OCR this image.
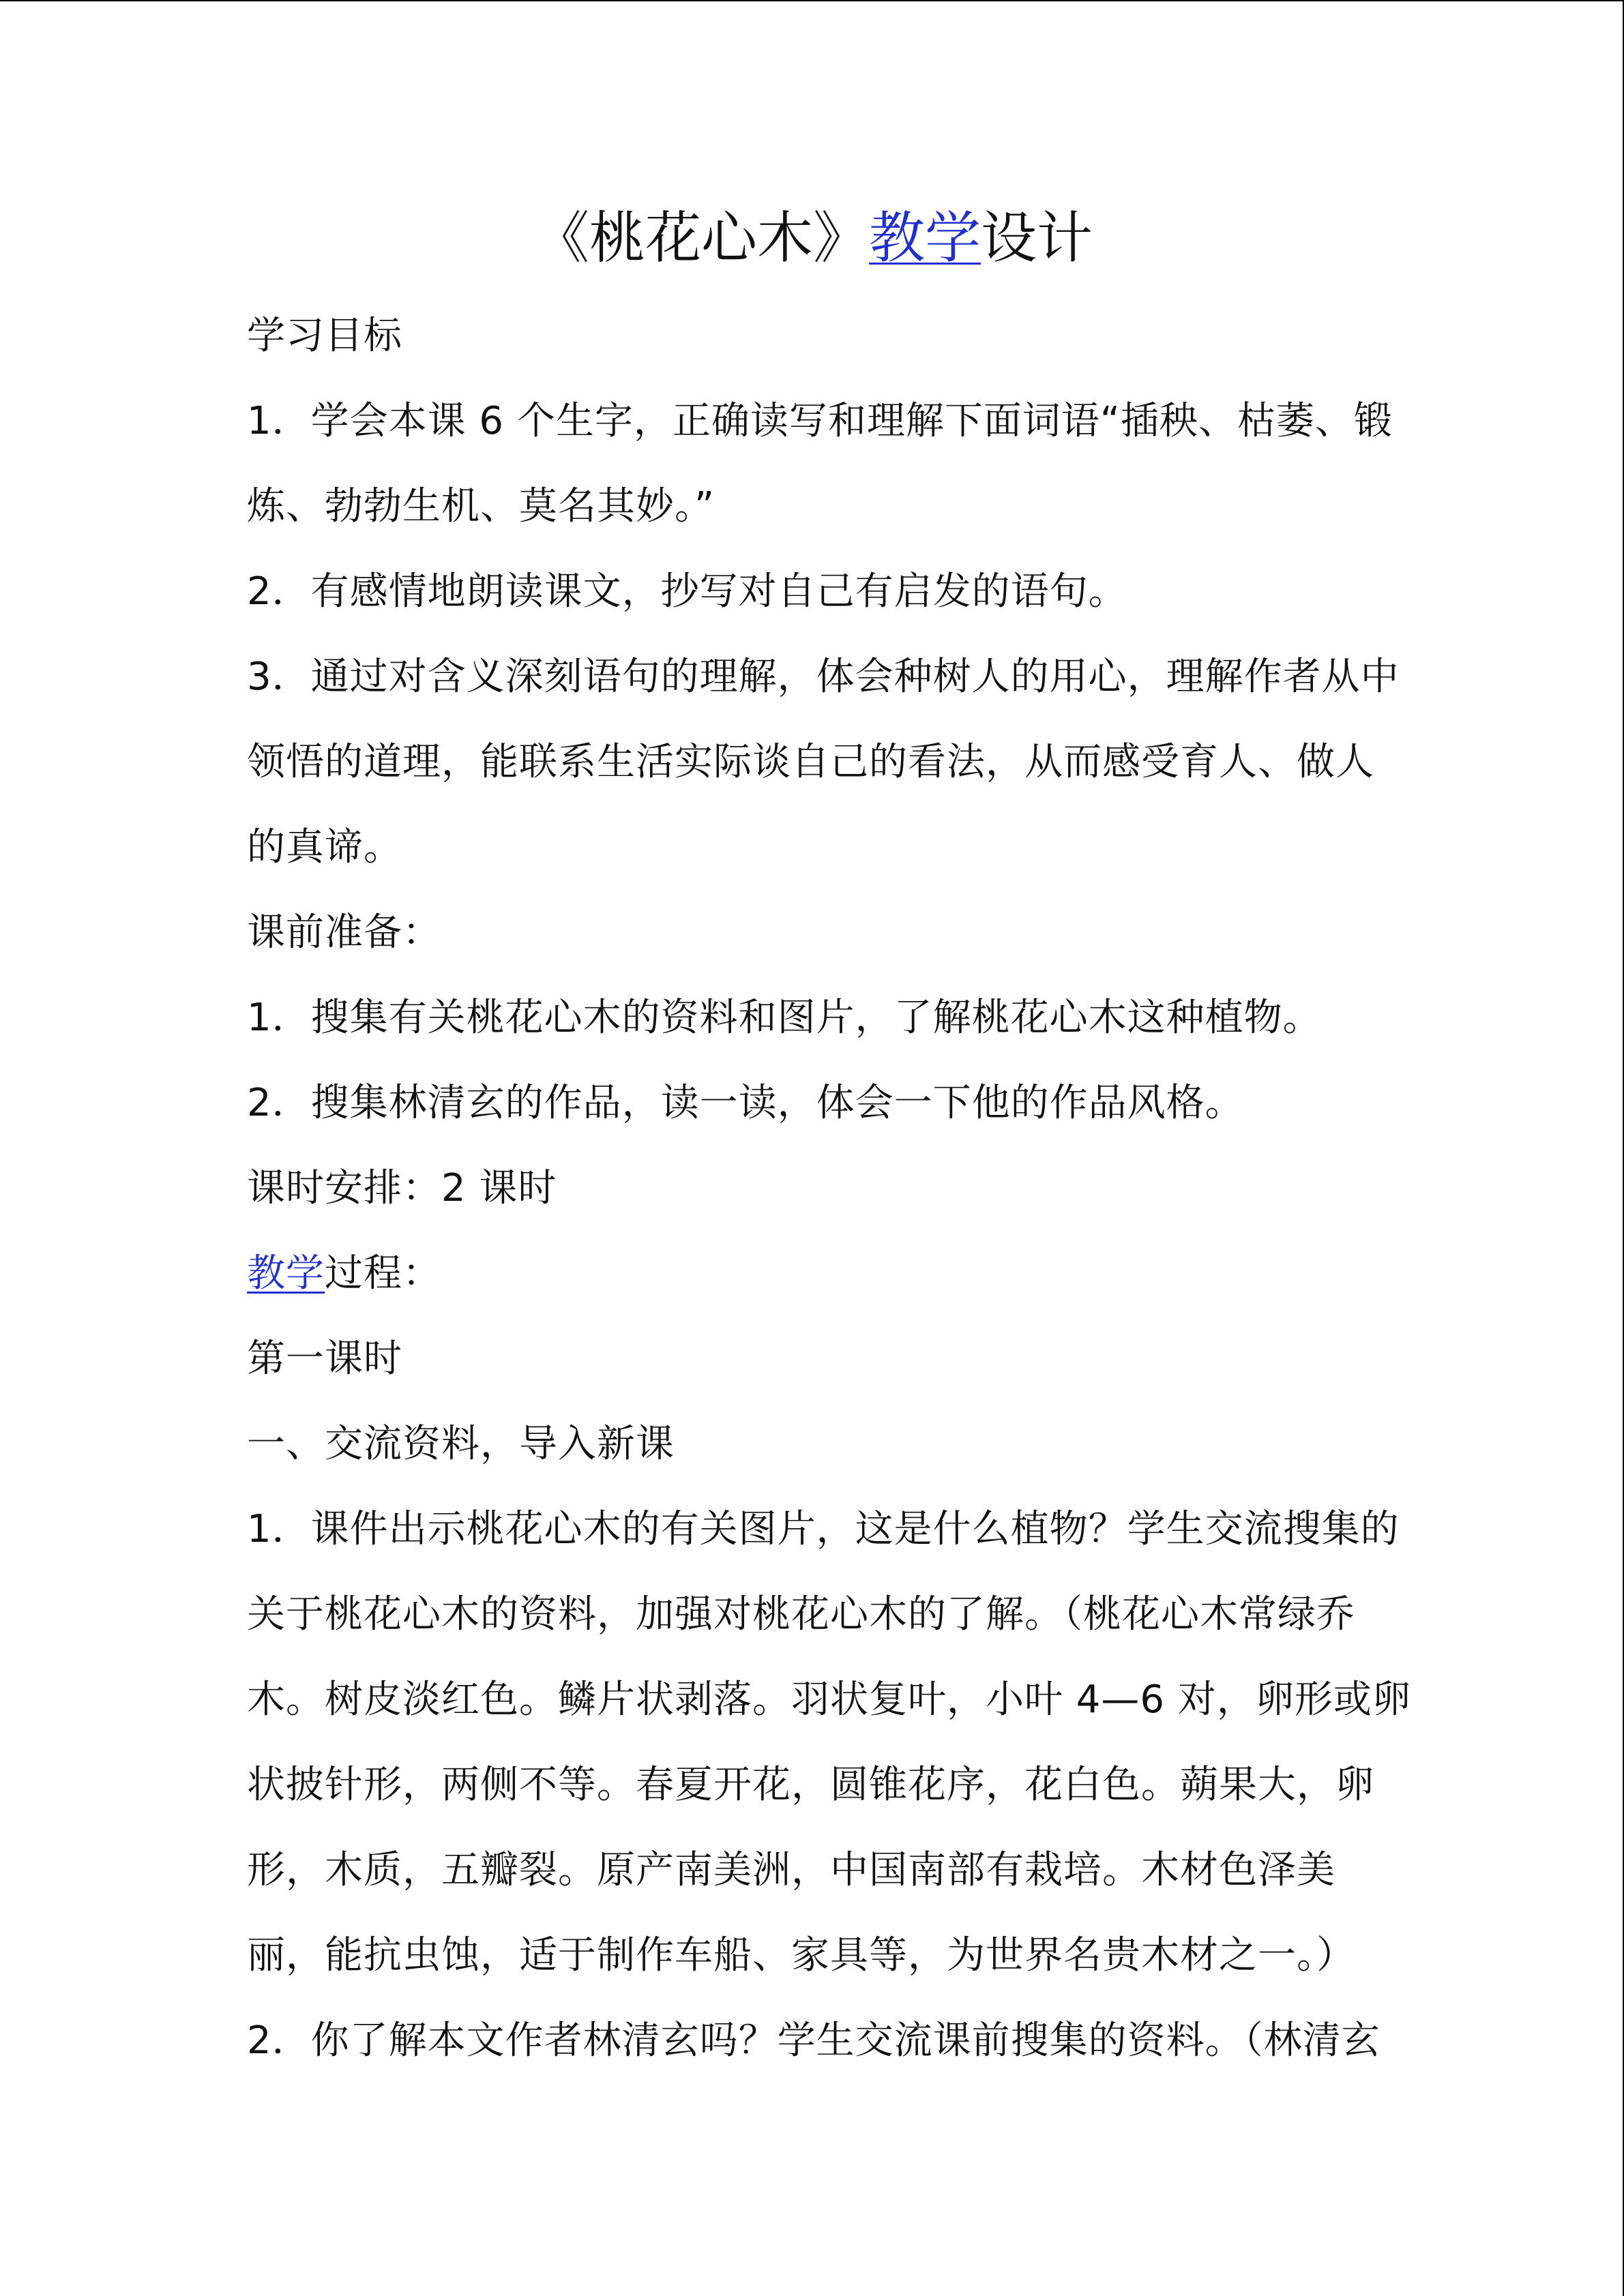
《桃花心木》教学设计
学习目标
1．学会本课 6 个生字，正确读写和理解下面词语“插秧、枯萎、锻
炼、勃勃生机、莫名其妙。”
2．有感情地朗读课文，抄写对自己有启发的语句。
3．通过对含义深刻语句的理解，体会种树人的用心，理解作者从中
领悟的道理，能联系生活实际谈自己的看法，从而感受育人、做人
的真谛。
课前准备：
1．搜集有关桃花心木的资料和图片，了解桃花心木这种植物。
2．搜集林清玄的作品，读一读，体会一下他的作品风格。
课时安排：2 课时
教学过程：
第一课时
一、交流资料，导入新课
1．课件出示桃花心木的有关图片，这是什么植物？学生交流搜集的
关于桃花心木的资料，加强对桃花心木的了解。（桃花心木常绿乔
木。树皮淡红色。鳞片状剥落。羽状复叶，小叶 4—6 对，卵形或卵
状披针形，两侧不等。春夏开花，圆锥花序，花白色。蒴果大，卵
形，木质，五瓣裂。原产南美洲，中国南部有栽培。木材色泽美
丽，能抗虫蚀，适于制作车船、家具等，为世界名贵木材之一。）
2．你了解本文作者林清玄吗？学生交流课前搜集的资料。（林清玄
